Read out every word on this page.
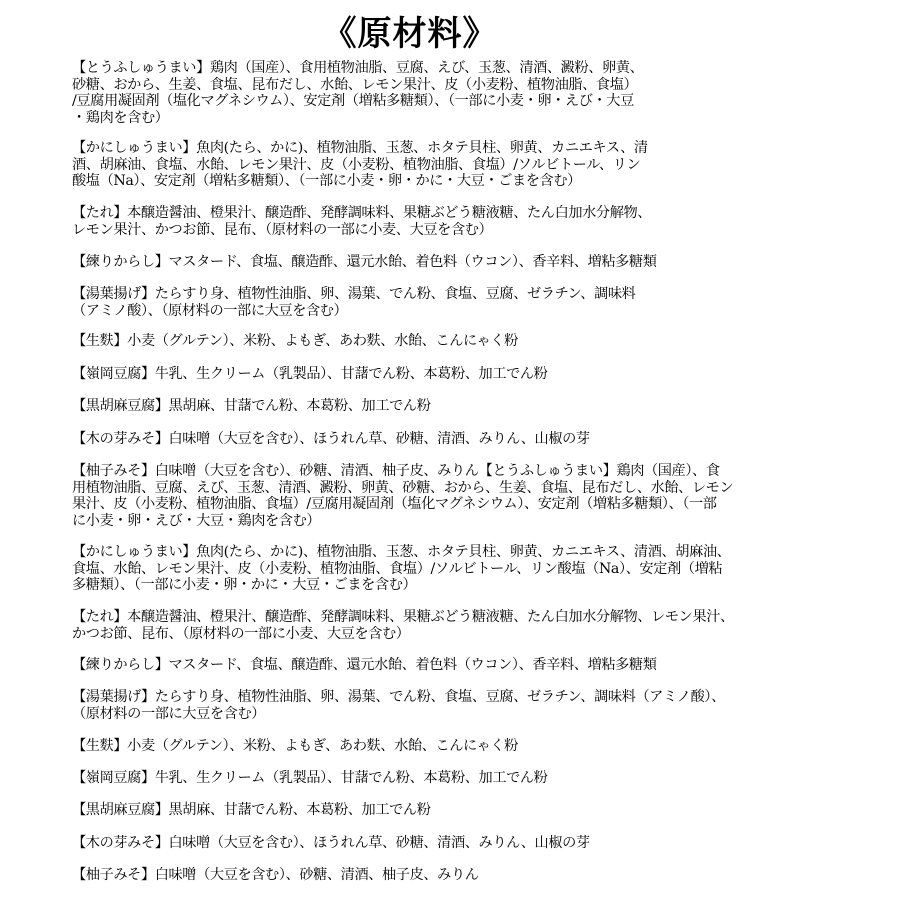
《原材料》
【とうふしゅうまい】鶏肉（国産）、食用植物油脂、豆腐、えび、玉葱、清酒、澱粉、卵黄、
砂糖、おから、生姜、食塩、昆布だし、水飴、レモン果汁、皮（小麦粉、植物油脂、食塩）
/豆腐用凝固剤（塩化マグネシウム）、安定剤（増粘多糖類）、（一部に小麦・卵・えび・大豆
・鶏肉を含む）
【かにしゅうまい】魚肉(たら、かに)、植物油脂、玉葱、ホタテ貝柱、卵黄、カニエキス、清
酒、胡麻油、食塩、水飴、レモン果汁、皮（小麦粉、植物油脂、食塩）/ソルビトール、リン
酸塩（Na）、安定剤（増粘多糖類）、（一部に小麦・卵・かに・大豆・ごまを含む）
【たれ】本醸造醤油、橙果汁、醸造酢、発酵調味料、果糖ぶどう糖液糖、たん白加水分解物、
レモン果汁、かつお節、昆布、（原材料の一部に小麦、大豆を含む）
【練りからし】マスタード、食塩、醸造酢、還元水飴、着色料（ウコン）、香辛料、増粘多糖類
【湯葉揚げ】たらすり身、植物性油脂、卵、湯葉、でん粉、食塩、豆腐、ゼラチン、調味料
（アミノ酸）、（原材料の一部に大豆を含む）
【生麩】小麦（グルテン）、米粉、よもぎ、あわ麩、水飴、こんにゃく粉
【嶺岡豆腐】牛乳、生クリーム（乳製品）、甘藷でん粉、本葛粉、加工でん粉
【黒胡麻豆腐】黒胡麻、甘藷でん粉、本葛粉、加工でん粉
【木の芽みそ】白味噌（大豆を含む）、ほうれん草、砂糖、清酒、みりん、山椒の芽
【柚子みそ】白味噌（大豆を含む）、砂糖、清酒、柚子皮、みりん【とうふしゅうまい】鶏肉（国産）、食
用植物油脂、豆腐、えび、玉葱、清酒、澱粉、卵黄、砂糖、おから、生姜、食塩、昆布だし、水飴、レモン
果汁、皮（小麦粉、植物油脂、食塩）/豆腐用凝固剤（塩化マグネシウム）、安定剤（増粘多糖類）、（一部
に小麦・卵・えび・大豆・鶏肉を含む）
【かにしゅうまい】魚肉(たら、かに)、植物油脂、玉葱、ホタテ貝柱、卵黄、カニエキス、清酒、胡麻油、
食塩、水飴、レモン果汁、皮（小麦粉、植物油脂、食塩）/ソルビトール、リン酸塩（Na）、安定剤（増粘
多糖類）、（一部に小麦・卵・かに・大豆・ごまを含む）
【たれ】本醸造醤油、橙果汁、醸造酢、発酵調味料、果糖ぶどう糖液糖、たん白加水分解物、レモン果汁、
かつお節、昆布、（原材料の一部に小麦、大豆を含む）
【練りからし】マスタード、食塩、醸造酢、還元水飴、着色料（ウコン）、香辛料、増粘多糖類
【湯葉揚げ】たらすり身、植物性油脂、卵、湯葉、でん粉、食塩、豆腐、ゼラチン、調味料（アミノ酸）、
（原材料の一部に大豆を含む）
【生麩】小麦（グルテン）、米粉、よもぎ、あわ麩、水飴、こんにゃく粉
【嶺岡豆腐】牛乳、生クリーム（乳製品）、甘藷でん粉、本葛粉、加工でん粉
【黒胡麻豆腐】黒胡麻、甘藷でん粉、本葛粉、加工でん粉
【木の芽みそ】白味噌（大豆を含む）、ほうれん草、砂糖、清酒、みりん、山椒の芽
【柚子みそ】白味噌（大豆を含む）、砂糖、清酒、柚子皮、みりん
